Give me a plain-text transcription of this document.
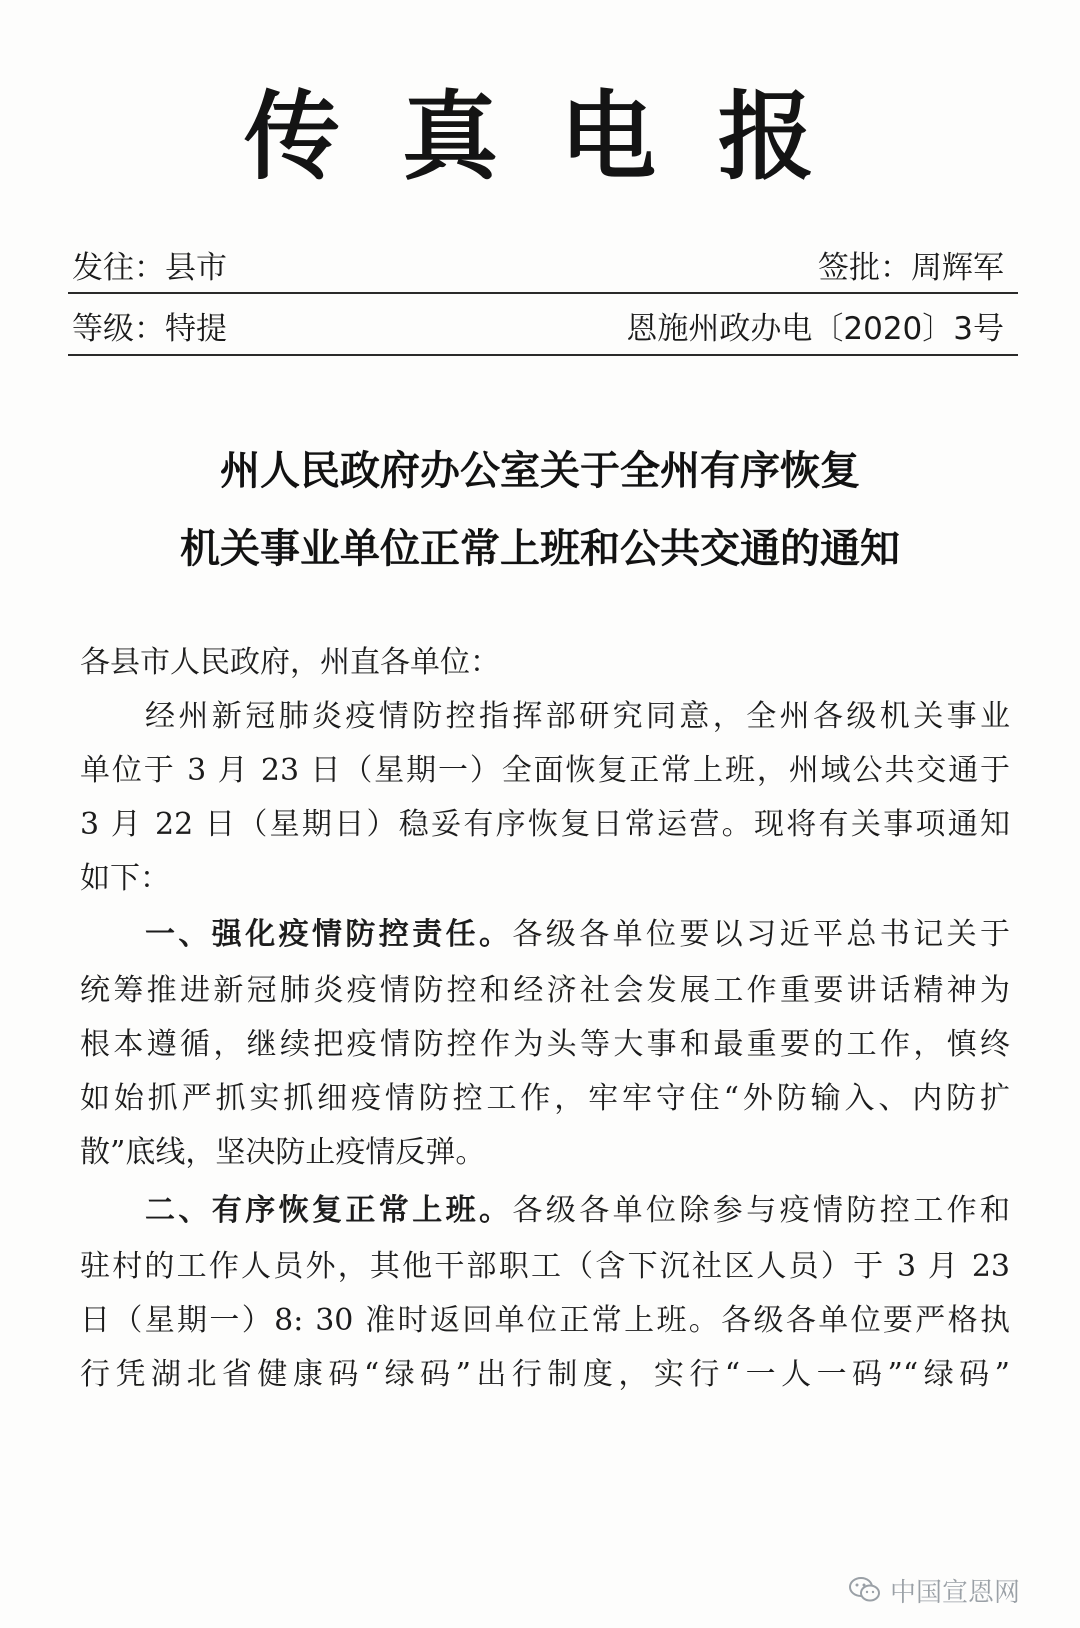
传真电报
发往：县市	签批：周辉军
等级：特提	恩施州政办电〔2020〕3号
州人民政府办公室关于全州有序恢复
机关事业单位正常上班和公共交通的通知
各县市人民政府，州直各单位：
经州新冠肺炎疫情防控指挥部研究同意，全州各级机关事业
单位于 3 月 23 日（星期一）全面恢复正常上班，州域公共交通于
3 月 22 日（星期日）稳妥有序恢复日常运营。现将有关事项通知
如下：
一、强化疫情防控责任。各级各单位要以习近平总书记关于
统筹推进新冠肺炎疫情防控和经济社会发展工作重要讲话精神为
根本遵循，继续把疫情防控作为头等大事和最重要的工作，慎终
如始抓严抓实抓细疫情防控工作，牢牢守住“外防输入、内防扩
散”底线，坚决防止疫情反弹。
二、有序恢复正常上班。各级各单位除参与疫情防控工作和
驻村的工作人员外，其他干部职工（含下沉社区人员）于 3 月 23
日（星期一）8: 30 准时返回单位正常上班。各级各单位要严格执
行凭湖北省健康码“绿码”出行制度，实行“一人一码”“绿码”
中国宣恩网
